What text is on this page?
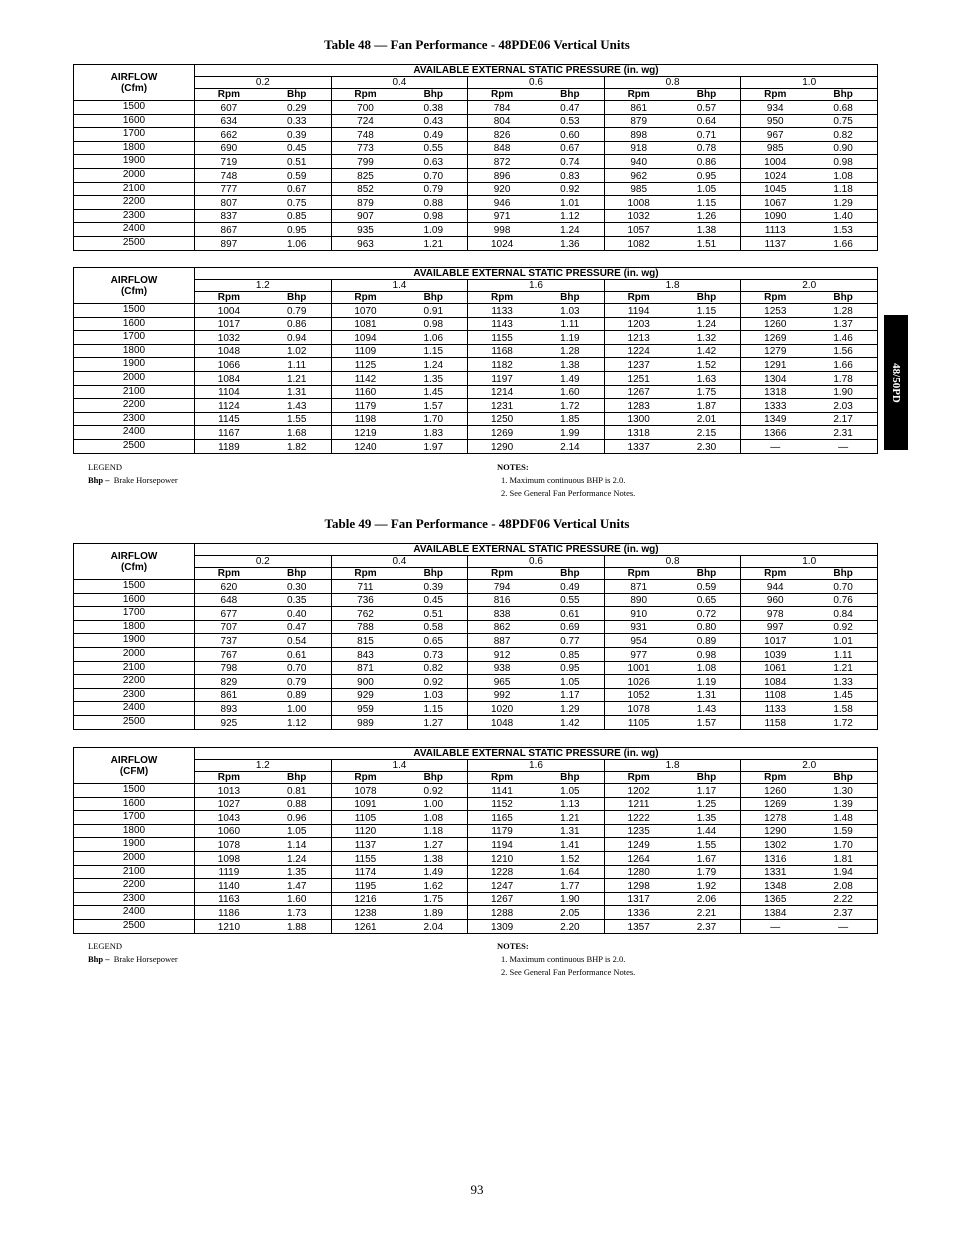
Table 48 — Fan Performance - 48PDE06 Vertical Units
AIRFLOW
(Cfm)	AVAILABLE EXTERNAL STATIC PRESSURE (in. wg)									
	0.2		0.4		0.6		0.8		1.0	
	Rpm	Bhp	Rpm	Bhp	Rpm	Bhp	Rpm	Bhp	Rpm	Bhp
1500	607	0.29	700	0.38	784	0.47	861	0.57	934	0.68
1600	634	0.33	724	0.43	804	0.53	879	0.64	950	0.75
1700	662	0.39	748	0.49	826	0.60	898	0.71	967	0.82
1800	690	0.45	773	0.55	848	0.67	918	0.78	985	0.90
1900	719	0.51	799	0.63	872	0.74	940	0.86	1004	0.98
2000	748	0.59	825	0.70	896	0.83	962	0.95	1024	1.08
2100	777	0.67	852	0.79	920	0.92	985	1.05	1045	1.18
2200	807	0.75	879	0.88	946	1.01	1008	1.15	1067	1.29
2300	837	0.85	907	0.98	971	1.12	1032	1.26	1090	1.40
2400	867	0.95	935	1.09	998	1.24	1057	1.38	1113	1.53
2500	897	1.06	963	1.21	1024	1.36	1082	1.51	1137	1.66
AIRFLOW
(Cfm)	AVAILABLE EXTERNAL STATIC PRESSURE (in. wg)									
	1.2		1.4		1.6		1.8		2.0	
	Rpm	Bhp	Rpm	Bhp	Rpm	Bhp	Rpm	Bhp	Rpm	Bhp
1500	1004	0.79	1070	0.91	1133	1.03	1194	1.15	1253	1.28
1600	1017	0.86	1081	0.98	1143	1.11	1203	1.24	1260	1.37
1700	1032	0.94	1094	1.06	1155	1.19	1213	1.32	1269	1.46
1800	1048	1.02	1109	1.15	1168	1.28	1224	1.42	1279	1.56
1900	1066	1.11	1125	1.24	1182	1.38	1237	1.52	1291	1.66
2000	1084	1.21	1142	1.35	1197	1.49	1251	1.63	1304	1.78
2100	1104	1.31	1160	1.45	1214	1.60	1267	1.75	1318	1.90
2200	1124	1.43	1179	1.57	1231	1.72	1283	1.87	1333	2.03
2300	1145	1.55	1198	1.70	1250	1.85	1300	2.01	1349	2.17
2400	1167	1.68	1219	1.83	1269	1.99	1318	2.15	1366	2.31
2500	1189	1.82	1240	1.97	1290	2.14	1337	2.30	—	—
LEGEND
Bhp – Brake Horsepower
NOTES:
1. Maximum continuous BHP is 2.0.
2. See General Fan Performance Notes.
Table 49 — Fan Performance - 48PDF06 Vertical Units
AIRFLOW
(Cfm)	AVAILABLE EXTERNAL STATIC PRESSURE (in. wg)									
	0.2		0.4		0.6		0.8		1.0	
	Rpm	Bhp	Rpm	Bhp	Rpm	Bhp	Rpm	Bhp	Rpm	Bhp
1500	620	0.30	711	0.39	794	0.49	871	0.59	944	0.70
1600	648	0.35	736	0.45	816	0.55	890	0.65	960	0.76
1700	677	0.40	762	0.51	838	0.61	910	0.72	978	0.84
1800	707	0.47	788	0.58	862	0.69	931	0.80	997	0.92
1900	737	0.54	815	0.65	887	0.77	954	0.89	1017	1.01
2000	767	0.61	843	0.73	912	0.85	977	0.98	1039	1.11
2100	798	0.70	871	0.82	938	0.95	1001	1.08	1061	1.21
2200	829	0.79	900	0.92	965	1.05	1026	1.19	1084	1.33
2300	861	0.89	929	1.03	992	1.17	1052	1.31	1108	1.45
2400	893	1.00	959	1.15	1020	1.29	1078	1.43	1133	1.58
2500	925	1.12	989	1.27	1048	1.42	1105	1.57	1158	1.72
AIRFLOW
(CFM)	AVAILABLE EXTERNAL STATIC PRESSURE (in. wg)									
	1.2		1.4		1.6		1.8		2.0	
	Rpm	Bhp	Rpm	Bhp	Rpm	Bhp	Rpm	Bhp	Rpm	Bhp
1500	1013	0.81	1078	0.92	1141	1.05	1202	1.17	1260	1.30
1600	1027	0.88	1091	1.00	1152	1.13	1211	1.25	1269	1.39
1700	1043	0.96	1105	1.08	1165	1.21	1222	1.35	1278	1.48
1800	1060	1.05	1120	1.18	1179	1.31	1235	1.44	1290	1.59
1900	1078	1.14	1137	1.27	1194	1.41	1249	1.55	1302	1.70
2000	1098	1.24	1155	1.38	1210	1.52	1264	1.67	1316	1.81
2100	1119	1.35	1174	1.49	1228	1.64	1280	1.79	1331	1.94
2200	1140	1.47	1195	1.62	1247	1.77	1298	1.92	1348	2.08
2300	1163	1.60	1216	1.75	1267	1.90	1317	2.06	1365	2.22
2400	1186	1.73	1238	1.89	1288	2.05	1336	2.21	1384	2.37
2500	1210	1.88	1261	2.04	1309	2.20	1357	2.37	—	—
LEGEND
Bhp – Brake Horsepower
NOTES:
1. Maximum continuous BHP is 2.0.
2. See General Fan Performance Notes.
48/50PD
93
